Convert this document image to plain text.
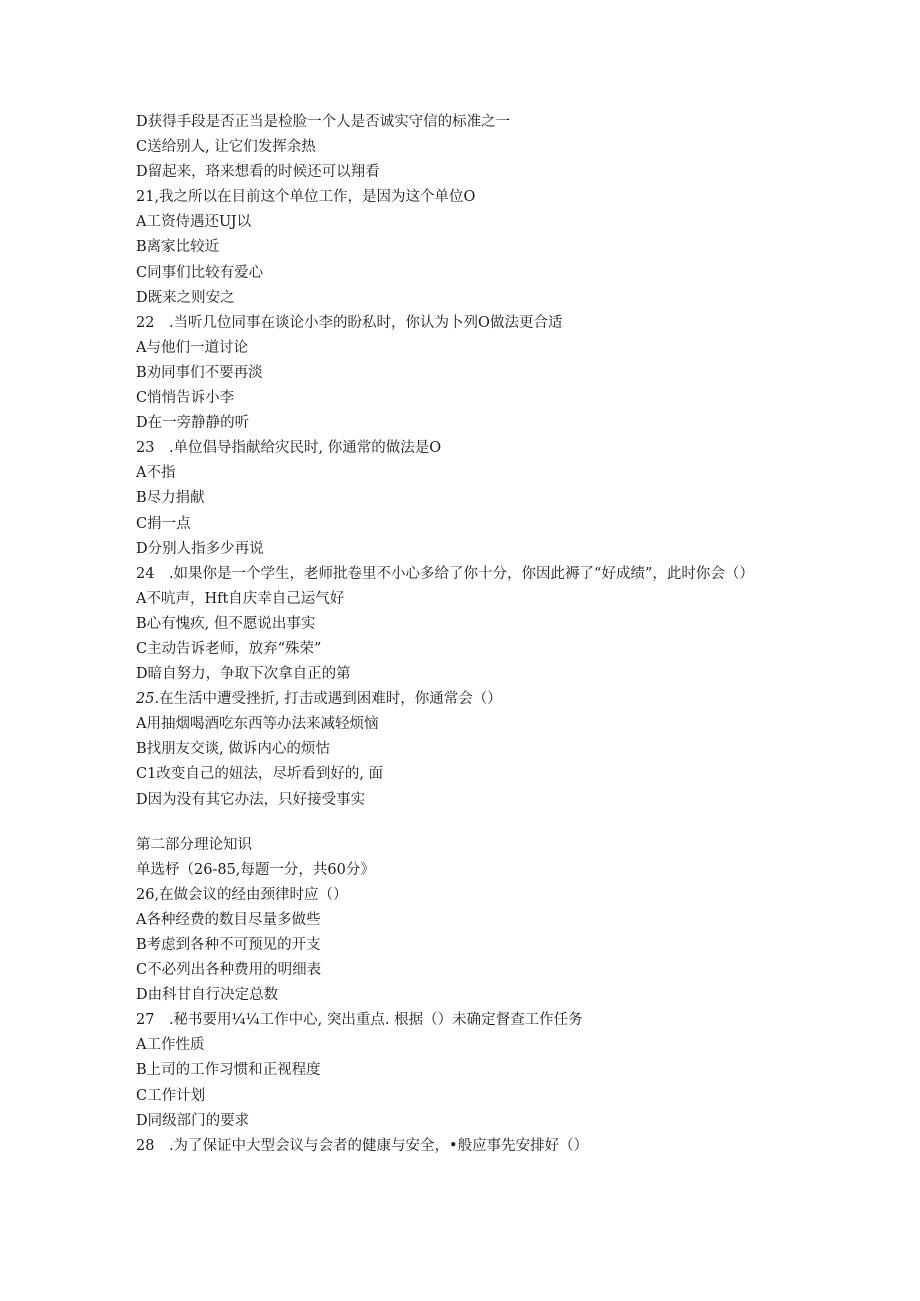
D获得手段是否正当是检脸一个人是否诚实守信的标准之一
C送给别人, 让它们发挥余热
D留起来，珞来想看的时候还可以翔看
21,我之所以在目前这个单位工作，是因为这个单位O
A工资侍遇还UJ以
B离家比较近
C同事们比较有爱心
D既来之则安之
22　.当听几位同事在谈论小李的盼私时，你认为卜列O做法更合适
A与他们一道讨论
B劝同事们不要再淡
C悄悄告诉小李
D在一旁静静的听
23　.单位倡导指献给灾民时, 你通常的做法是O
A不指
B尽力捐献
C捐一点
D分别人指多少再说
24　.如果你是一个学生，老师批卷里不小心多给了你十分，你因此褥了“好成绩”，此时你会（）
A不吭声，Hft自庆幸自己运气好
B心有愧疚, 但不愿说出事实
C主动告诉老师，放弃“殊荣”
D暗自努力，争取下次拿自正的第
25.在生活中遭受挫折, 打击或遇到困难时，你通常会（）
A用抽烟喝酒吃东西等办法来减轻烦恼
B找朋友交谈, 做诉内心的烦怙
C1改变自己的妞法，尽圻看到好的, 面
D因为没有其它办法，只好接受事实
第二部分理论知识
单选杼（26-85,每题一分，共60分》
26,在做会议的经由颈律时应（）
A各种经费的数目尽量多做些
B考虑到各种不可预见的开支
C不必列出各种费用的明细表
D由科甘自行决定总数
27　.秘书要用¼¼工作中心, 突出重点. 根据（）未确定督查工作任务
A工作性质
B上司的工作习惯和正视程度
C工作计划
D同级部门的要求
28　.为了保证中大型会议与会者的健康与安全，•般应事先安排好（）
